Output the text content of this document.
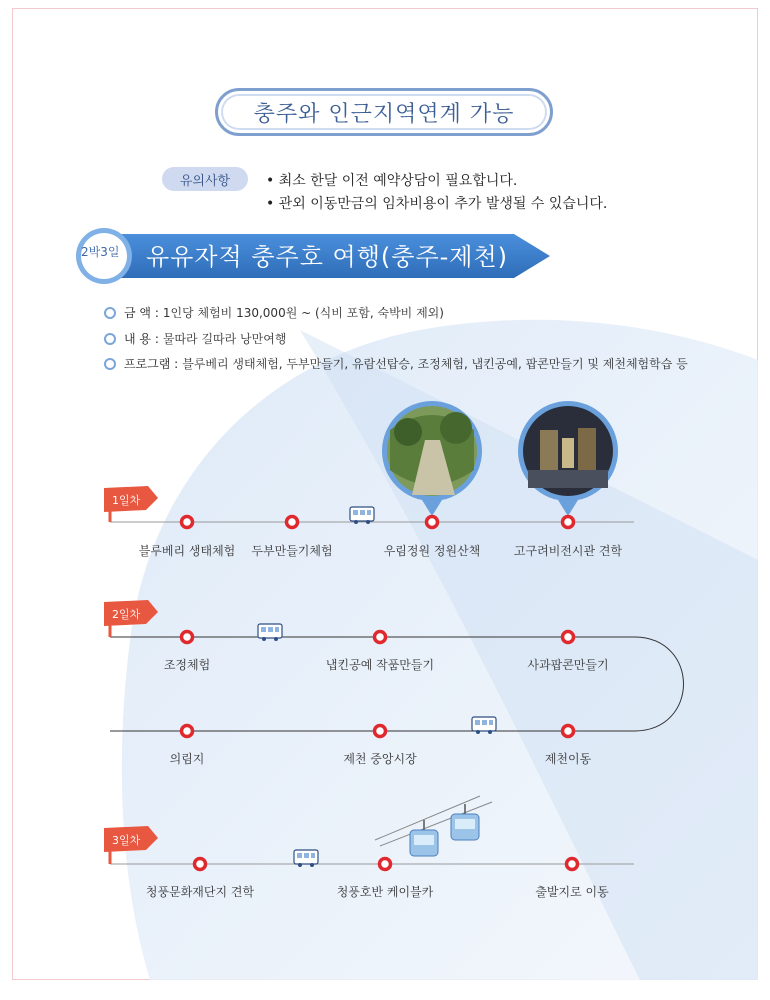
충주와 인근지역연계 가능
유의사항	• 최소 한달 이전 예약상담이 필요합니다.
• 관외 이동만금의 임차비용이 추가 발생될 수 있습니다.
2박3일 유유자적 충주호 여행(충주-제천)
금 액 : 1인당 체험비 130,000원 ~ (식비 포함, 숙박비 제외)
내 용 : 물따라 길따라 낭만여행
프로그램 : 블루베리 생태체험, 두부만들기, 유람선탑승, 조정체험, 냅킨공예, 팝콘만들기 및 제천체험학습 등
1일차
2일차
3일차
블루베리 생태체험 두부만들기체험	우림정원 정원산책	고구려비전시관 견학
조정체험	냅킨공예 작품만들기	사과팝콘만들기
의림지	제천 중앙시장	제천이동
청풍문화재단지 견학	청풍호반 케이블카	출발지로 이동
